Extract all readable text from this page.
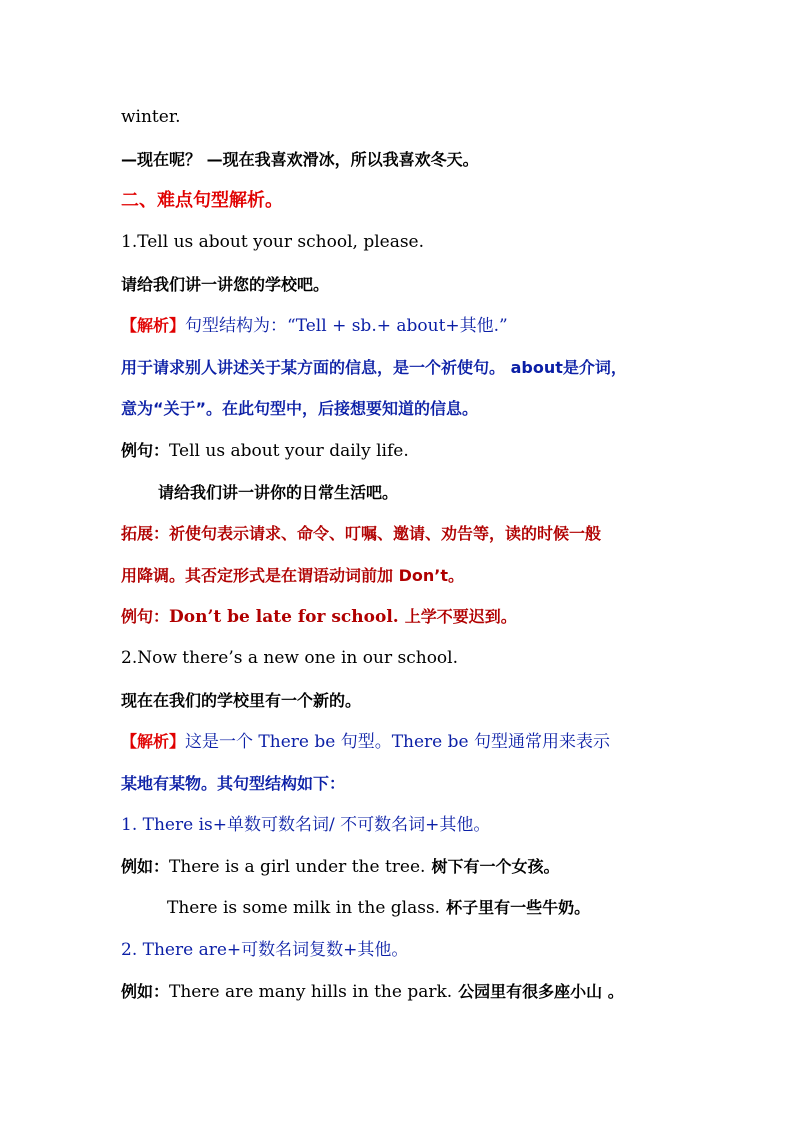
winter.
—现在呢？ —现在我喜欢滑冰，所以我喜欢冬天。
二、难点句型解析。
1.Tell us about your school, please.
请给我们讲一讲您的学校吧。
【解析】句型结构为：“Tell + sb.+ about+其他.”
用于请求别人讲述关于某方面的信息，是一个祈使句。 about是介词，
意为“关于”。在此句型中，后接想要知道的信息。
例句：Tell us about your daily life.
请给我们讲一讲你的日常生活吧。
拓展：祈使句表示请求、命令、叮嘱、邀请、劝告等，读的时候一般
用降调。其否定形式是在谓语动词前加 Don’t。
例句：Don’t be late for school. 上学不要迟到。
2.Now there’s a new one in our school.
现在在我们的学校里有一个新的。
【解析】这是一个 There be 句型。There be 句型通常用来表示
某地有某物。其句型结构如下：
1. There is+单数可数名词/ 不可数名词+其他。
例如：There is a girl under the tree. 树下有一个女孩。
There is some milk in the glass. 杯子里有一些牛奶。
2. There are+可数名词复数+其他。
例如：There are many hills in the park. 公园里有很多座小山 。
